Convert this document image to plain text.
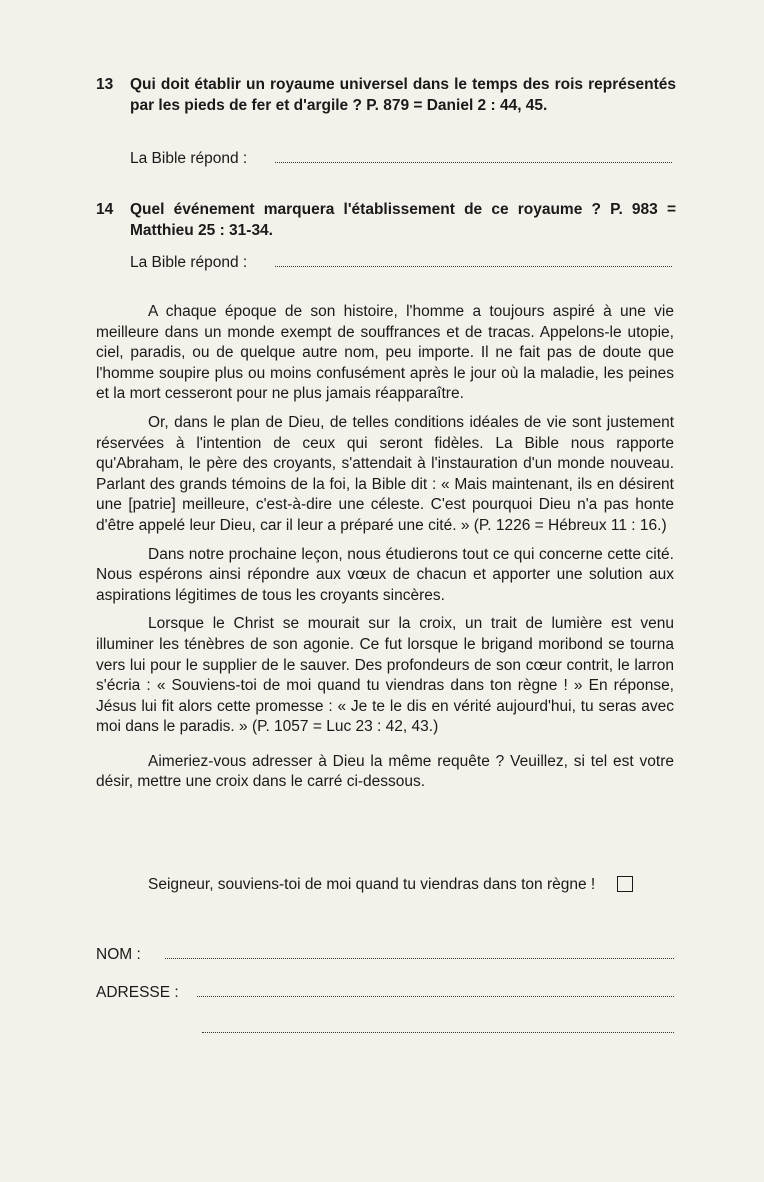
13 Qui doit établir un royaume universel dans le temps des rois représentés par les pieds de fer et d'argile ? P. 879 = Daniel 2 : 44, 45.
La Bible répond :
14 Quel événement marquera l'établissement de ce royaume ? P. 983 = Matthieu 25 : 31-34.
La Bible répond :

A chaque époque de son histoire, l'homme a toujours aspiré à une vie meilleure dans un monde exempt de souffrances et de tracas. Appelons-le utopie, ciel, paradis, ou de quelque autre nom, peu importe. Il ne fait pas de doute que l'homme soupire plus ou moins confusément après le jour où la maladie, les peines et la mort cesseront pour ne plus jamais réapparaître.

Or, dans le plan de Dieu, de telles conditions idéales de vie sont justement réservées à l'intention de ceux qui seront fidèles. La Bible nous rapporte qu'Abraham, le père des croyants, s'attendait à l'instauration d'un monde nouveau. Parlant des grands témoins de la foi, la Bible dit : « Mais maintenant, ils en désirent une [patrie] meilleure, c'est-à-dire une céleste. C'est pourquoi Dieu n'a pas honte d'être appelé leur Dieu, car il leur a préparé une cité. » (P. 1226 = Hébreux 11 : 16.)

Dans notre prochaine leçon, nous étudierons tout ce qui concerne cette cité. Nous espérons ainsi répondre aux vœux de chacun et apporter une solution aux aspirations légitimes de tous les croyants sincères.

Lorsque le Christ se mourait sur la croix, un trait de lumière est venu illuminer les ténèbres de son agonie. Ce fut lorsque le brigand moribond se tourna vers lui pour le supplier de le sauver. Des profondeurs de son cœur contrit, le larron s'écria : « Souviens-toi de moi quand tu viendras dans ton règne ! » En réponse, Jésus lui fit alors cette promesse : « Je te le dis en vérité aujourd'hui, tu seras avec moi dans le paradis. » (P. 1057 = Luc 23 : 42, 43.)

Aimeriez-vous adresser à Dieu la même requête ? Veuillez, si tel est votre désir, mettre une croix dans le carré ci-dessous.

Seigneur, souviens-toi de moi quand tu viendras dans ton règne !
NOM :
ADRESSE :
